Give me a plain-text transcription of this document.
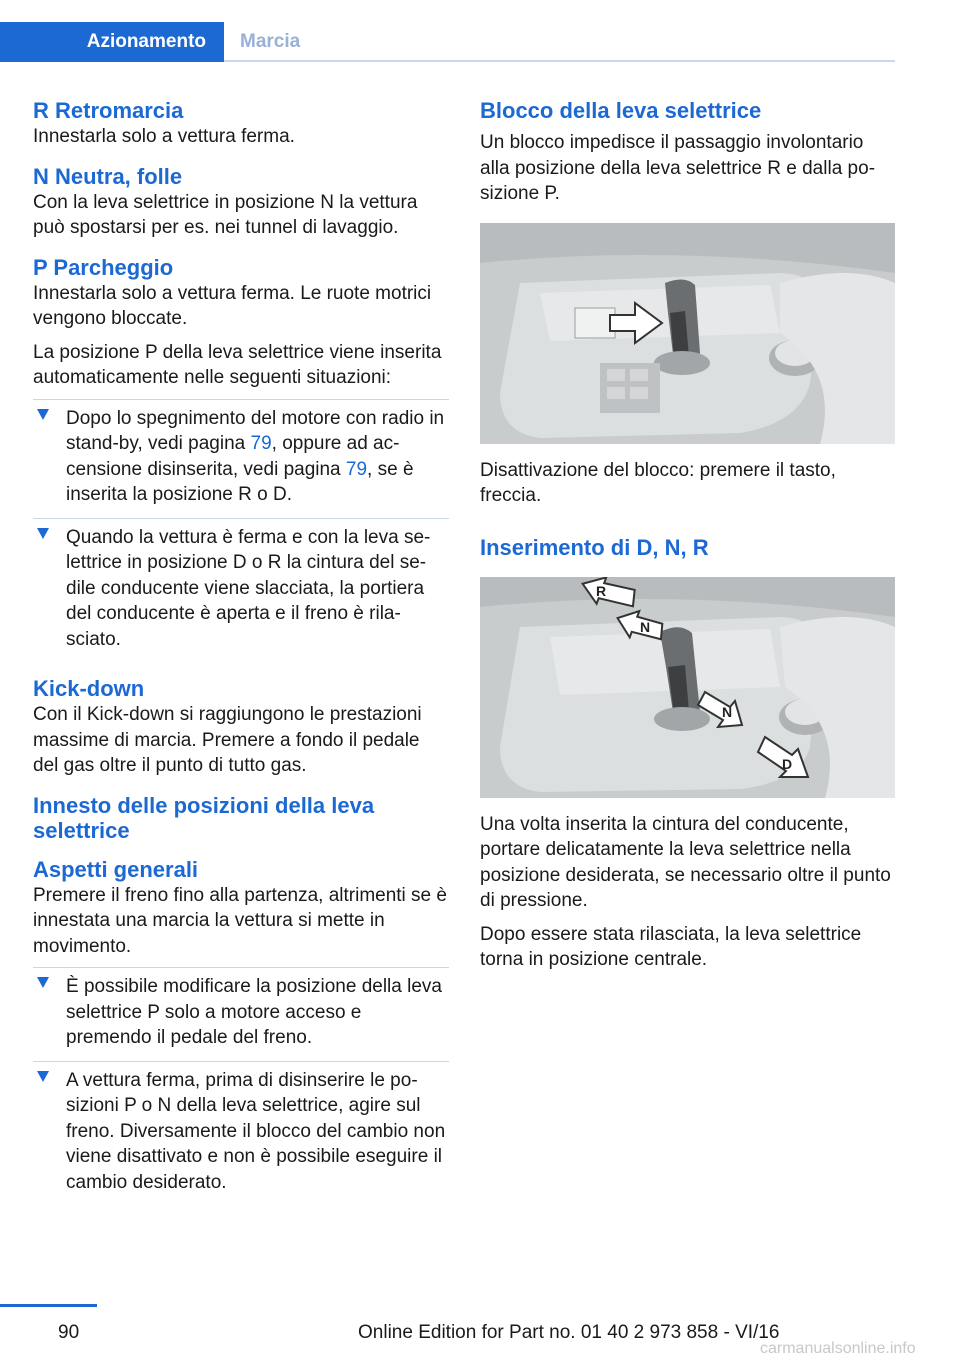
Azionamento Marcia
R Retromarcia

Innestarla solo a vettura ferma.

N Neutra, folle

Con la leva selettrice in posizione N la vettura può spostarsi per es. nei tunnel di lavaggio.

P Parcheggio

Innestarla solo a vettura ferma. Le ruote motrici vengono bloccate.

La posizione P della leva selettrice viene inserita automaticamente nelle seguenti situazioni:

Dopo lo spegnimento del motore con radio in stand-by, vedi pagina 79, oppure ad accensione disinserita, vedi pagina 79, se è inserita la posizione R o D.
Quando la vettura è ferma e con la leva selettrice in posizione D o R la cintura del sedile conducente viene slacciata, la portiera del conducente è aperta e il freno è rilasciato.
Kick-down

Con il Kick-down si raggiungono le prestazioni massime di marcia. Premere a fondo il pedale del gas oltre il punto di tutto gas.

Innesto delle posizioni della leva selettrice
Aspetti generali

Premere il freno fino alla partenza, altrimenti se è innestata una marcia la vettura si mette in movimento.

È possibile modificare la posizione della leva selettrice P solo a motore acceso e premendo il pedale del freno.
A vettura ferma, prima di disinserire le posizioni P o N della leva selettrice, agire sul freno. Diversamente il blocco del cambio non viene disattivato e non è possibile eseguire il cambio desiderato.
Blocco della leva selettrice

Un blocco impedisce il passaggio involontario alla posizione della leva selettrice R e dalla posizione P.

Disattivazione del blocco: premere il tasto, freccia.

Inserimento di D, N, R
R
N
N
D

Una volta inserita la cintura del conducente, portare delicatamente la leva selettrice nella posizione desiderata, se necessario oltre il punto di pressione.

Dopo essere stata rilasciata, la leva selettrice torna in posizione centrale.

90	Online Edition for Part no. 01 40 2 973 858 - VI/16
carmanualsonline.info
